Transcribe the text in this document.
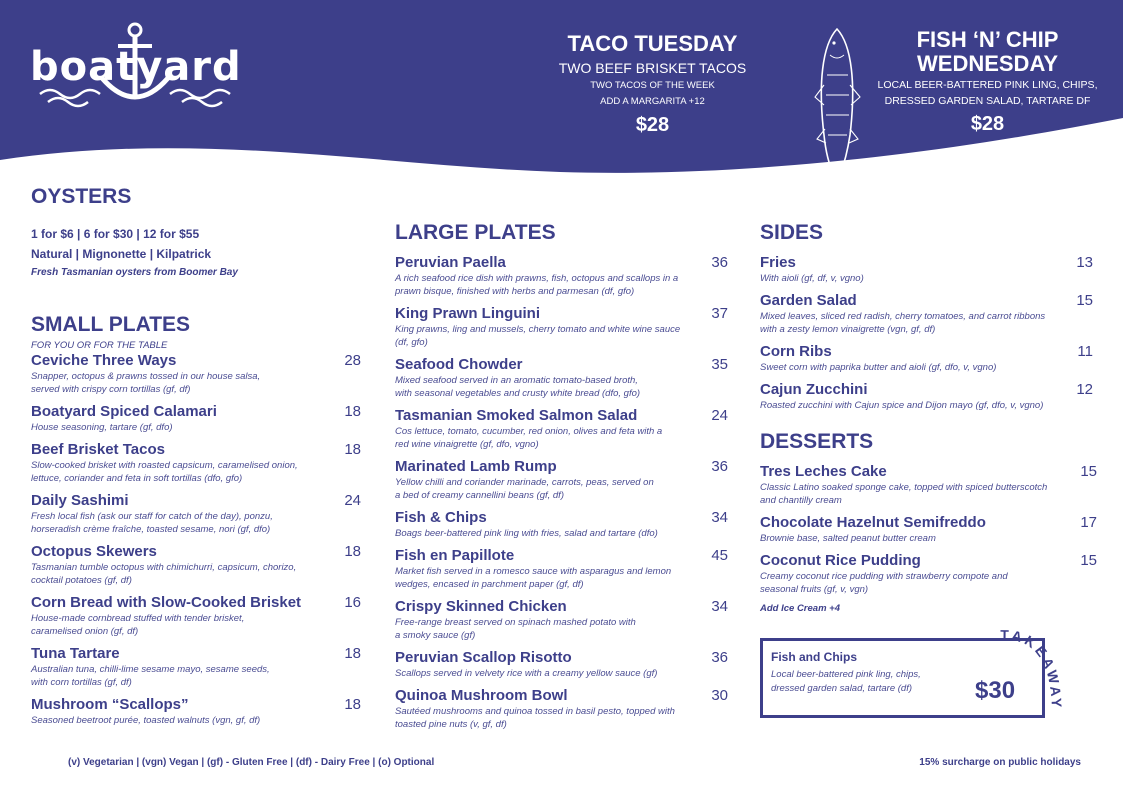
boatyard
TACO TUESDAY
TWO BEEF BRISKET TACOS
TWO TACOS OF THE WEEK
ADD A MARGARITA +12
$28
FISH ‘N’ CHIP
WEDNESDAY
LOCAL BEER-BATTERED PINK LING, CHIPS,
DRESSED GARDEN SALAD, TARTARE DF
$28
OYSTERS
1 for $6 | 6 for $30 | 12 for $55
Natural | Mignonette | Kilpatrick
Fresh Tasmanian oysters from Boomer Bay
SMALL PLATES
FOR YOU OR FOR THE TABLE
Ceviche Three Ways	28
Snapper, octopus & prawns tossed in our house salsa,
served with crispy corn tortillas (gf, df)
Boatyard Spiced Calamari	18
House seasoning, tartare (gf, dfo)
Beef Brisket Tacos	18
Slow-cooked brisket with roasted capsicum, caramelised onion,
lettuce, coriander and feta in soft tortillas (dfo, gfo)
Daily Sashimi	24
Fresh local fish (ask our staff for catch of the day), ponzu,
horseradish crème fraîche, toasted sesame, nori (gf, dfo)
Octopus Skewers	18
Tasmanian tumble octopus with chimichurri, capsicum, chorizo,
cocktail potatoes (gf, df)
Corn Bread with Slow-Cooked Brisket	16
House-made cornbread stuffed with tender brisket,
caramelised onion (gf, df)
Tuna Tartare	18
Australian tuna, chilli-lime sesame mayo, sesame seeds,
with corn tortillas (gf, df)
Mushroom “Scallops”	18
Seasoned beetroot purée, toasted walnuts (vgn, gf, df)
LARGE PLATES
Peruvian Paella	36
A rich seafood rice dish with prawns, fish, octopus and scallops in a
prawn bisque, finished with herbs and parmesan (df, gfo)
King Prawn Linguini	37
King prawns, ling and mussels, cherry tomato and white wine sauce
(df, gfo)
Seafood Chowder	35
Mixed seafood served in an aromatic tomato-based broth,
with seasonal vegetables and crusty white bread (dfo, gfo)
Tasmanian Smoked Salmon Salad	24
Cos lettuce, tomato, cucumber, red onion, olives and feta with a
red wine vinaigrette (gf, dfo, vgno)
Marinated Lamb Rump	36
Yellow chilli and coriander marinade, carrots, peas, served on
a bed of creamy cannellini beans (gf, df)
Fish & Chips	34
Boags beer-battered pink ling with fries, salad and tartare (dfo)
Fish en Papillote	45
Market fish served in a romesco sauce with asparagus and lemon
wedges, encased in parchment paper (gf, df)
Crispy Skinned Chicken	34
Free-range breast served on spinach mashed potato with
a smoky sauce (gf)
Peruvian Scallop Risotto	36
Scallops served in velvety rice with a creamy yellow sauce (gf)
Quinoa Mushroom Bowl	30
Sautéed mushrooms and quinoa tossed in basil pesto, topped with
toasted pine nuts (v, gf, df)
SIDES
Fries	13
With aioli (gf, df, v, vgno)
Garden Salad	15
Mixed leaves, sliced red radish, cherry tomatoes, and carrot ribbons
with a zesty lemon vinaigrette (vgn, gf, df)
Corn Ribs	11
Sweet corn with paprika butter and aioli (gf, dfo, v, vgno)
Cajun Zucchini	12
Roasted zucchini with Cajun spice and Dijon mayo (gf, dfo, v, vgno)
DESSERTS
Tres Leches Cake	15
Classic Latino soaked sponge cake, topped with spiced butterscotch
and chantilly cream
Chocolate Hazelnut Semifreddo	17
Brownie base, salted peanut butter cream
Coconut Rice Pudding	15
Creamy coconut rice pudding with strawberry compote and
seasonal fruits (gf, v, vgn)
Add Ice Cream +4
Fish and Chips
Local beer-battered pink ling, chips,
dressed garden salad, tartare (df)	$30
TAKEAWAY
(v) Vegetarian | (vgn) Vegan | (gf) - Gluten Free | (df) - Dairy Free | (o) Optional	15% surcharge on public holidays
